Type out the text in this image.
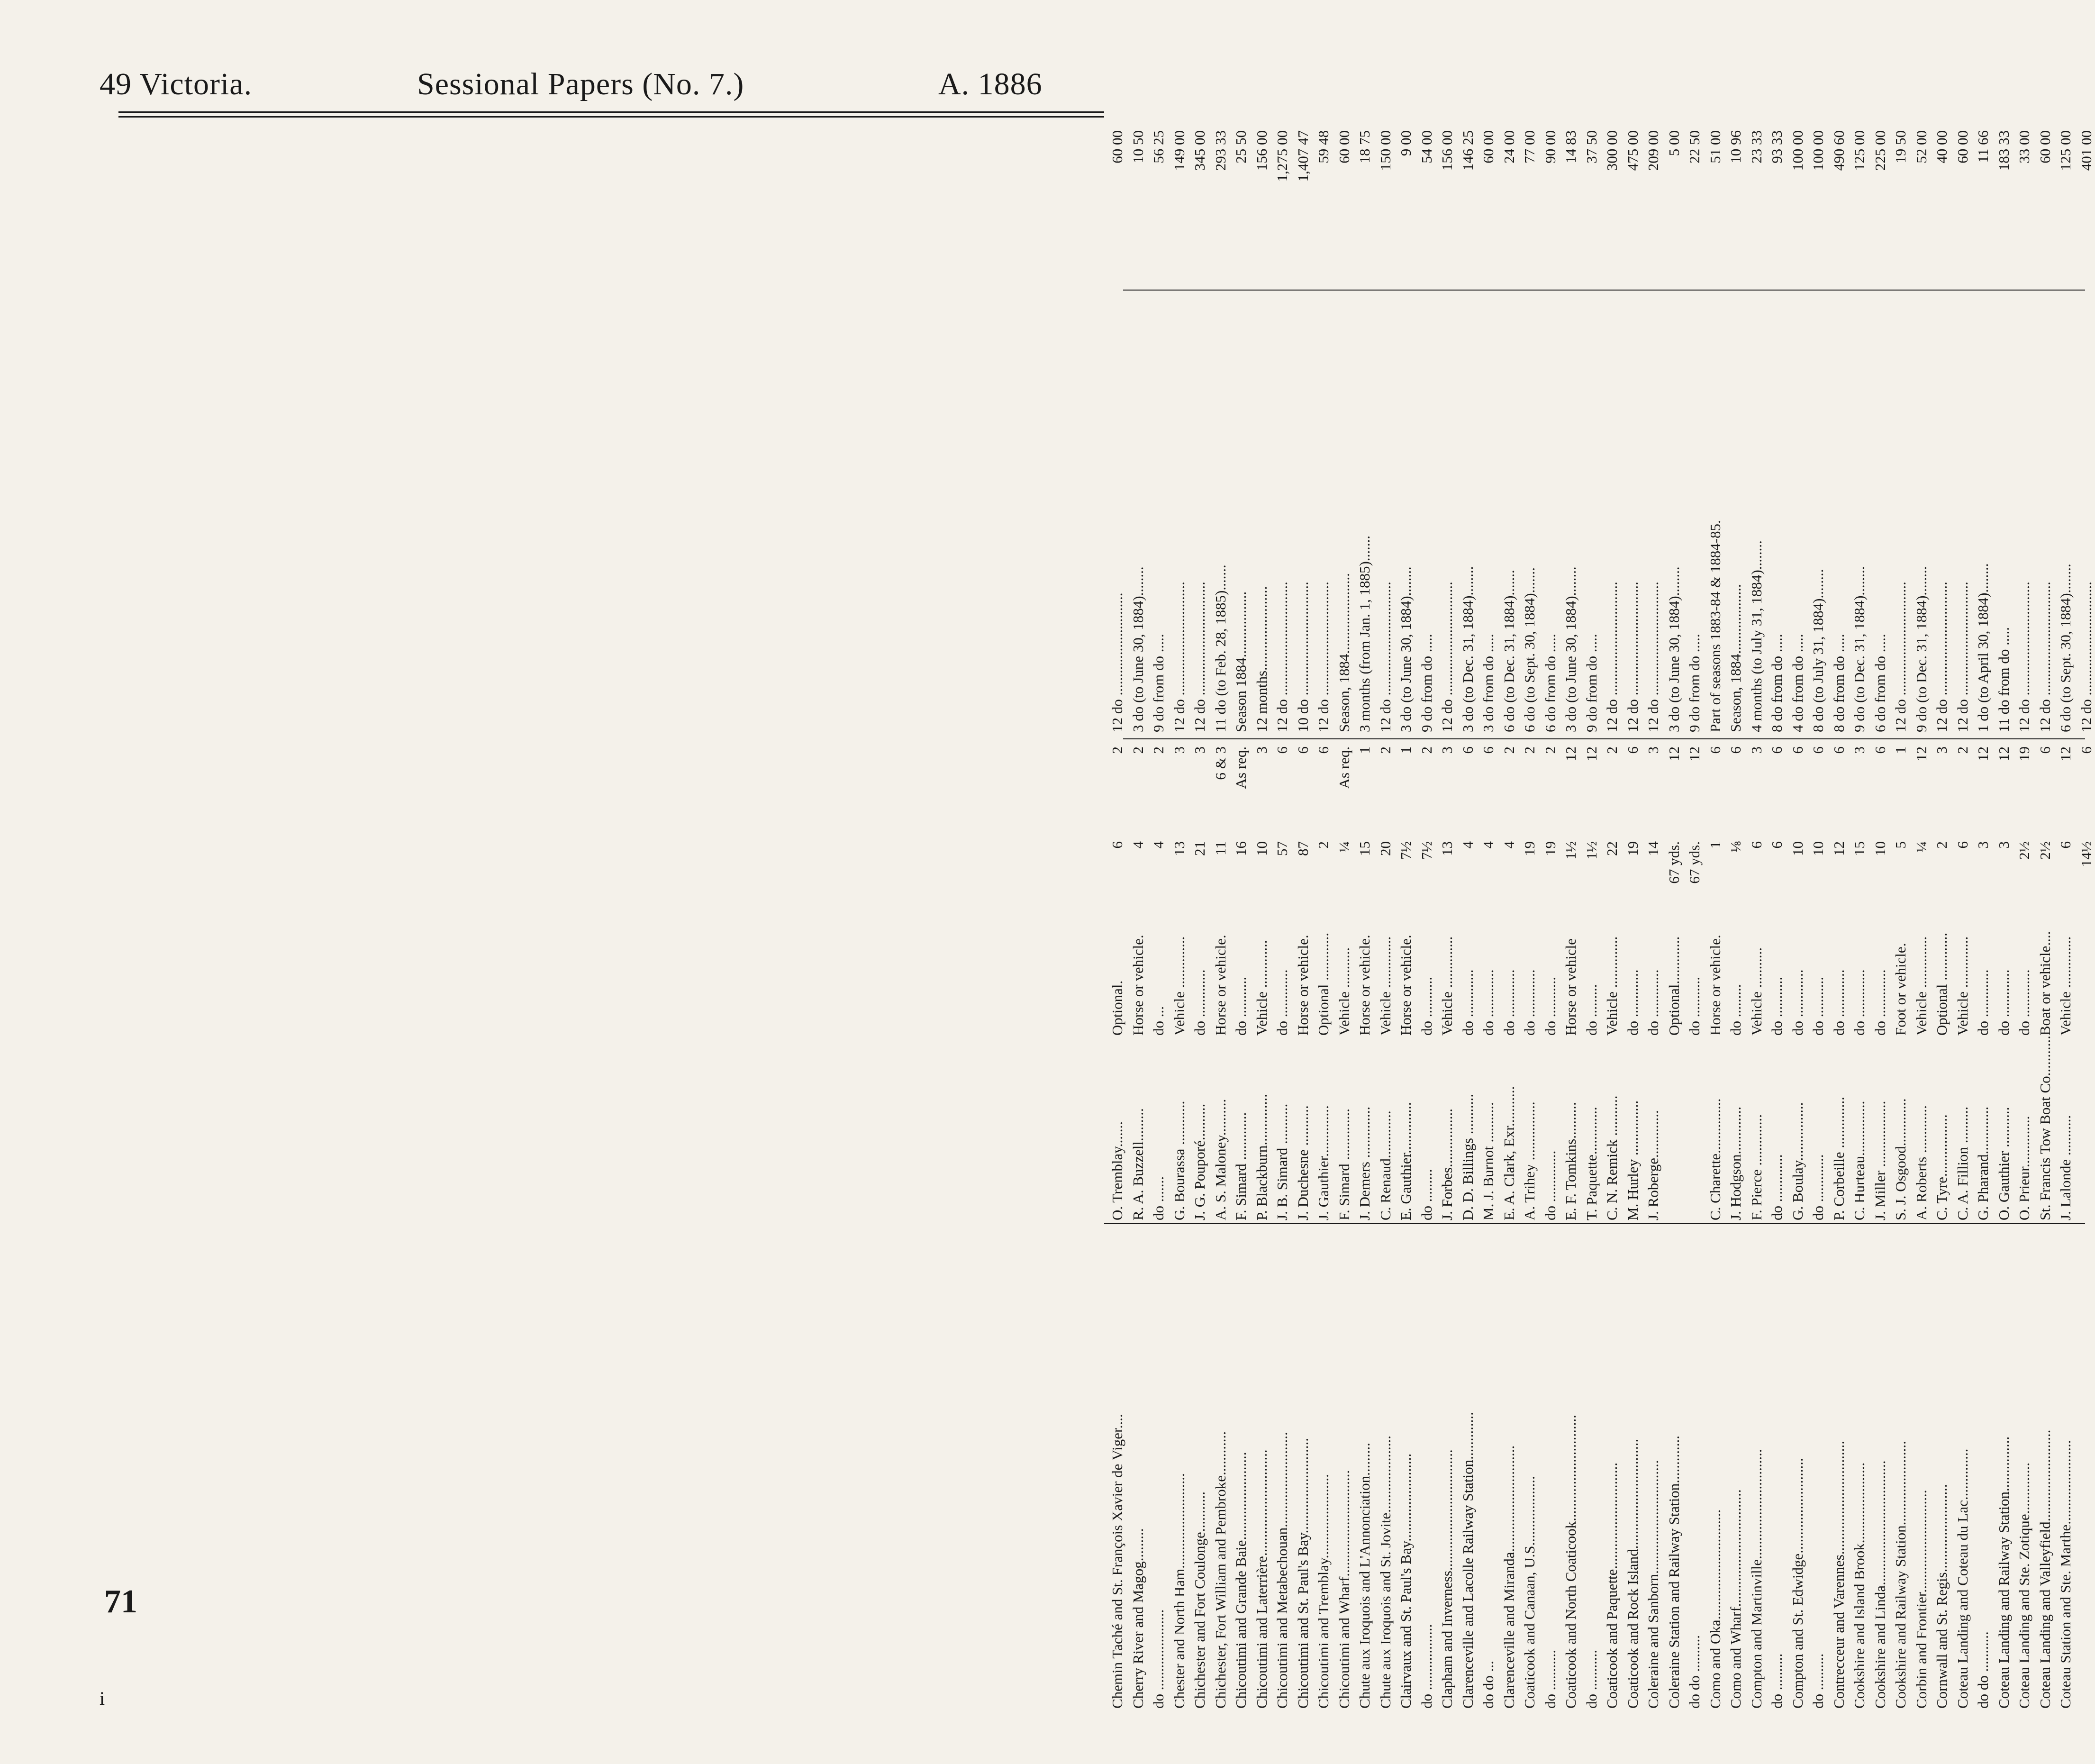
49 Victoria.	Sessional Papers (No. 7.)	A. 1886
Chemin Taché and St. François Xavier de Viger....
O. Tremblay.......
Optional.
6
2
12 do ............................
60 00
Cherry River and Magog.........
R. A. Buzzell.........
Horse or vehicle.
4
2
3 do (to June 30, 1884)........
10 50
do ......................
do .......
do ...
4
2
9 do from do .....
56 25
Chester and North Ham..........................
G. Bourassa ............
Vehicle ..............
13
3
12 do ...............................
149 00
Chichester and Fort Coulonge...........
J. G. Pouporé..........
do .............
21
3
12 do ...............................
345 00
Chichester, Fort William and Pembroke............
A. S. Maloney..........
Horse or vehicle.
11
6 & 3
11 do (to Feb. 28, 1885).......
293 33
Chicoutimi and Grande Baie........................
F. Simard .............
do ...........
16
As req.
Season 1884..................
25 50
Chicoutimi and Laterrière.............................
P. Blackburn..............
Vehicle .............
10
3
12 months.......................
156 00
Chicoutimi and Metabechouan..........................
J. B. Simard ...........
do .............
57
6
12 do ...............................
1,275 00
Chicoutimi and St. Paul's Bay..........................
J. Duchesne ...........
Horse or vehicle.
87
6
10 do ...............................
1,407 47
Chicoutimi and Tremblay.......................
J. Gauthier..............
Optional .............
2
6
12 do ...............................
59 48
Chicoutimi and Wharf.............................
F. Simard ..............
Vehicle ...........
¼
As req.
Season, 1884......................
60 00
Chute aux Iroquois and L'Annonciation.........
J. Demers ..............
Horse or vehicle.
15
1
3 months (from Jan. 1, 1885).......
18 75
Chute aux Iroquois and St. Jovite.....................
C. Renaud.............
Vehicle ..............
20
2
12 do ...............................
150 00
Clairvaux and St. Paul's Bay........................
E. Gauthier..............
Horse or vehicle.
7½
1
3 do (to June 30, 1884)........
9 00
do ..................
do .........
do ...........
7½
2
9 do from do .....
54 00
Clapham and Inverness.................................
J. Forbes................
Vehicle ..............
13
3
12 do ...............................
156 00
Clarenceville and Lacolle Railway Station.............
D. D. Billings ...........
do .............
4
6
3 do (to Dec. 31, 1884)........
146 25
do do ...
M. J. Burnot ...........
do .............
4
6
3 do from do .....
60 00
Clarenceville and Miranda.............................
E. A. Clark, Exr...........
do .............
4
2
6 do (to Dec. 31, 1884).......
24 00
Coaticook and Canaan, U.S...................
A. Trihey ................
do .............
19
2
6 do (to Sept. 30, 1884).......
77 00
do ...........
do ..............
do ...........
19
2
6 do from do .....
90 00
Coaticook and North Coaticook.............................
E. F. Tomkins..........
Horse or vehicle
1½
12
3 do (to June 30, 1884)........
14 83
do ...........
T. Paquette.............
do .........
1½
12
9 do from do .....
37 50
Coaticook and Paquette.............................
C. N. Remick ...........
Vehicle ..............
22
2
12 do ...............................
300 00
Coaticook and Rock Island..............................
M. Hurley ...............
do .............
19
6
12 do ...............................
475 00
Coleraine and Sanborn...............................
J. Roberge.............
do .............
14
3
12 do ...............................
209 00
Coleraine Station and Railway Station.............
Optional.............
67 yds.
12
3 do (to June 30, 1884)........
5 00
do do ..........
do ...........
67 yds.
12
9 do from do .....
22 50
Como and Oka..............................
C. Charette...............
Horse or vehicle.
1
6
Part of seasons 1883-84 & 1884-85.
51 00
Como and Wharf................................
J. Hodgson.............
do .........
⅛
6
Season, 1884...................
10 96
Compton and Martinville..............................
F. Pierce ..............
Vehicle ...........
6
3
4 months (to July 31, 1884)........
23 33
do ..........
do .............
do ...........
6
6
8 do from do .....
93 33
Compton and St. Edwidge..........................
G. Boulay................
do .............
10
6
4 do from do .....
100 00
do ..........
do .............
do ...........
10
6
8 do (to July 31, 1884)........
100 00
Contrecceur and Varennes...............................
P. Corbeille ..............
do .............
12
6
8 do from do .....
490 60
Cookshire and Island Brook......................
C. Hurteau...............
do .............
15
3
9 do (to Dec. 31, 1884)........
125 00
Cookshire and Linda..................................
J. Miller ..................
do .............
10
6
6 do from do .....
225 00
Cookshire and Railway Station.......................
S. J. Osgood.............
Foot or vehicle.
5
1
12 do ...............................
19 50
Corbin and Frontier............................
A. Roberts .............
Vehicle ..............
¼
12
9 do (to Dec. 31, 1884)........
52 00
Cornwall and St. Regis........................
C. Tyre.................
Optional .............
2
3
12 do ...............................
40 00
Coteau Landing and Coteau du Lac..............
C. A. Fillion ..........
Vehicle ..............
6
2
12 do ...............................
60 00
do do ...........
G. Pharand.............
do .............
3
12
1 do (to April 30, 1884)........
11 66
Coteau Landing and Railway Station...............
O. Gauthier ...........
do .............
3
12
11 do from do .....
183 33
Coteau Landing and Ste. Zotique..............
O. Prieur..............
do .............
2½
19
12 do ...............................
33 00
Coteau Landing and Valleyfield.........................
St. Francis Tow Boat Co...........
Boat or vehicle....
2½
6
12 do ...............................
60 00
Coteau Station and Ste. Marthe.......................
J. Lalonde ...........
Vehicle ..............
6
12
6 do (to Sept. 30, 1884)........
125 00
14½
6
12 do ...............................
401 00
71
i
